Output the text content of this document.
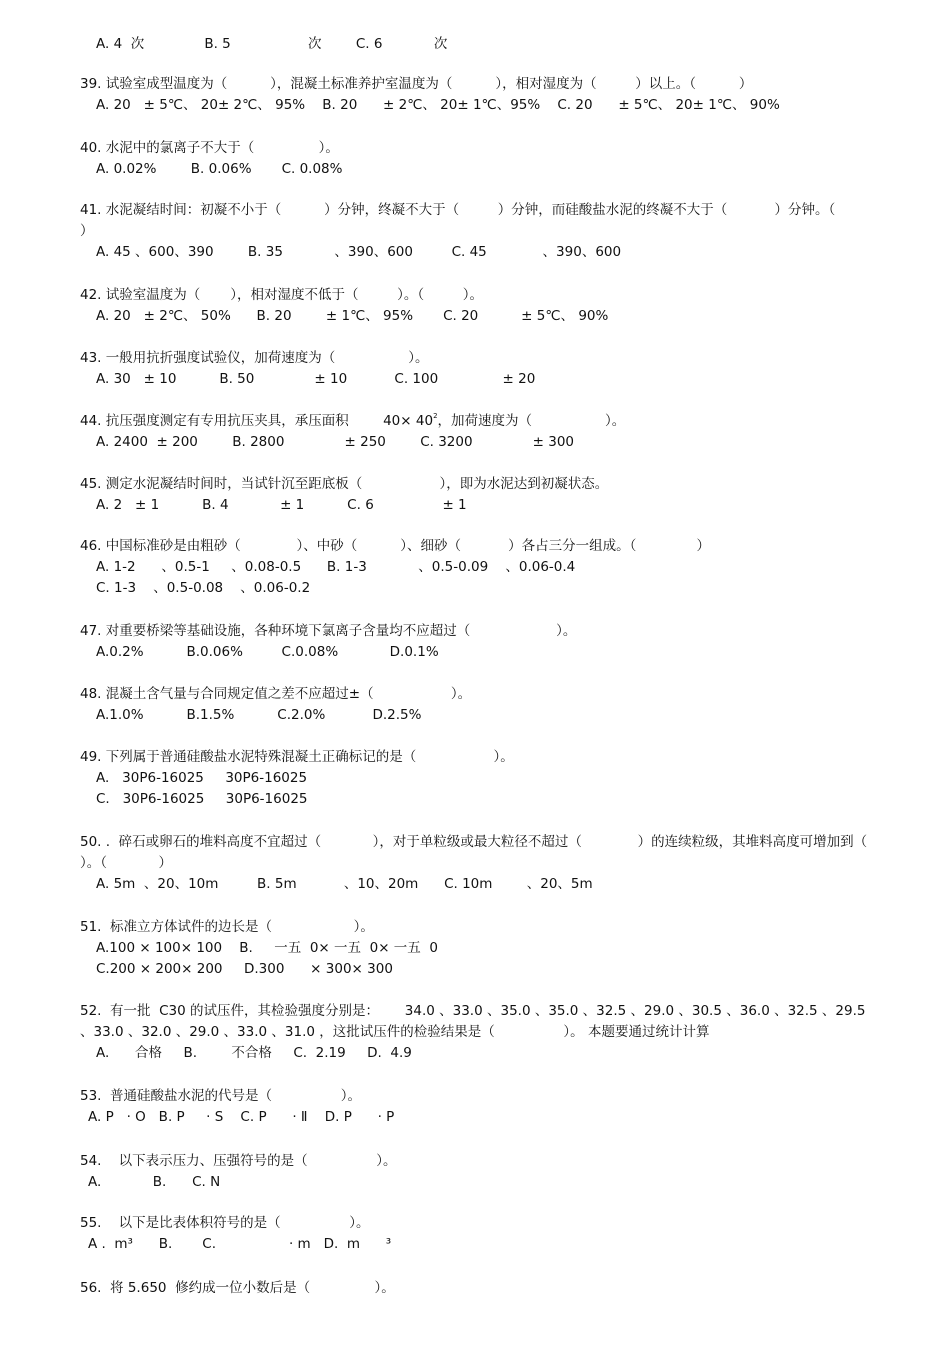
A. 4  次              B. 5                  次        C. 6            次
39. 试验室成型温度为（          ），混凝土标准养护室温度为（          ），相对湿度为（         ）以上。（          ）
A. 20   ± 5℃、 20± 2℃、 95%    B. 20      ± 2℃、 20± 1℃、95%    C. 20      ± 5℃、 20± 1℃、 90%
40. 水泥中的氯离子不大于（               ）。
A. 0.02%        B. 0.06%       C. 0.08%
41. 水泥凝结时间：初凝不小于（          ）分钟，终凝不大于（         ）分钟，而硅酸盐水泥的终凝不大于（           ）分钟。（            ）
A. 45 、600、390        B. 35            、390、600         C. 45             、390、600
42. 试验室温度为（       ），相对湿度不低于（         ）。（         ）。
A. 20   ± 2℃、 50%      B. 20        ± 1℃、 95%       C. 20          ± 5℃、 90%
43. 一般用抗折强度试验仪，加荷速度为（                 ）。
A. 30   ± 10          B. 50              ± 10           C. 100               ± 20
44. 抗压强度测定有专用抗压夹具，承压面积        $40\times 40^2$，加荷速度为（                 ）。
A. 2400  ± 200        B. 2800              ± 250        C. 3200              ± 300
45. 测定水泥凝结时间时，当试针沉至距底板（                  ），即为水泥达到初凝状态。
A. 2   ± 1          B. 4            ± 1          C. 6                ± 1
46. 中国标准砂是由粗砂（             ）、中砂（          ）、细砂（           ）各占三分一组成。（              ）
A. 1-2      、0.5-1     、0.08-0.5      B. 1-3            、0.5-0.09    、0.06-0.4
C. 1-3    、0.5-0.08    、0.06-0.2
47. 对重要桥梁等基础设施，各种环境下氯离子含量均不应超过（                    ）。
A.0.2%          B.0.06%         C.0.08%            D.0.1%
48. 混凝土含气量与合同规定值之差不应超过±（                  ）。
A.1.0%          B.1.5%          C.2.0%           D.2.5%
49. 下列属于普通硅酸盐水泥特殊混凝土正确标记的是（                  ）。
A.   30P6-16025     30P6-16025
C.   30P6-16025     30P6-16025
50. .  碎石或卵石的堆料高度不宜超过（            ），对于单粒级或最大粒径不超过（             ）的连续粒级，其堆料高度可增加到（           ）。（            ）
A. 5m  、20、10m         B. 5m           、10、20m      C. 10m        、20、5m
51.  标准立方体试件的边长是（                   ）。
A.100 × 100× 100    B.     一五  0× 一五  0× 一五  0
C.200 × 200× 200     D.300      × 300× 300
52.  有一批  C30 的试压件，其检验强度分别是：      34.0 、33.0 、35.0 、35.0 、32.5 、29.0 、30.5 、36.0 、32.5 、29.5 、33.0 、32.0 、29.0 、33.0 、31.0 ，这批试压件的检验结果是（                ）。 本题要通过统计计算
A.      合格     B.        不合格     C.  2.19     D.  4.9
53.  普通硅酸盐水泥的代号是（                ）。
A. P   · O   B. P     · S    C. P      · Ⅱ    D. P      · P
54.    以下表示压力、压强符号的是（                ）。
A.            B.      C. N
55.    以下是比表体积符号的是（                ）。
A .  m³      B.       C.                 · m   D.  m      ³
56.  将 5.650  修约成一位小数后是（               ）。
